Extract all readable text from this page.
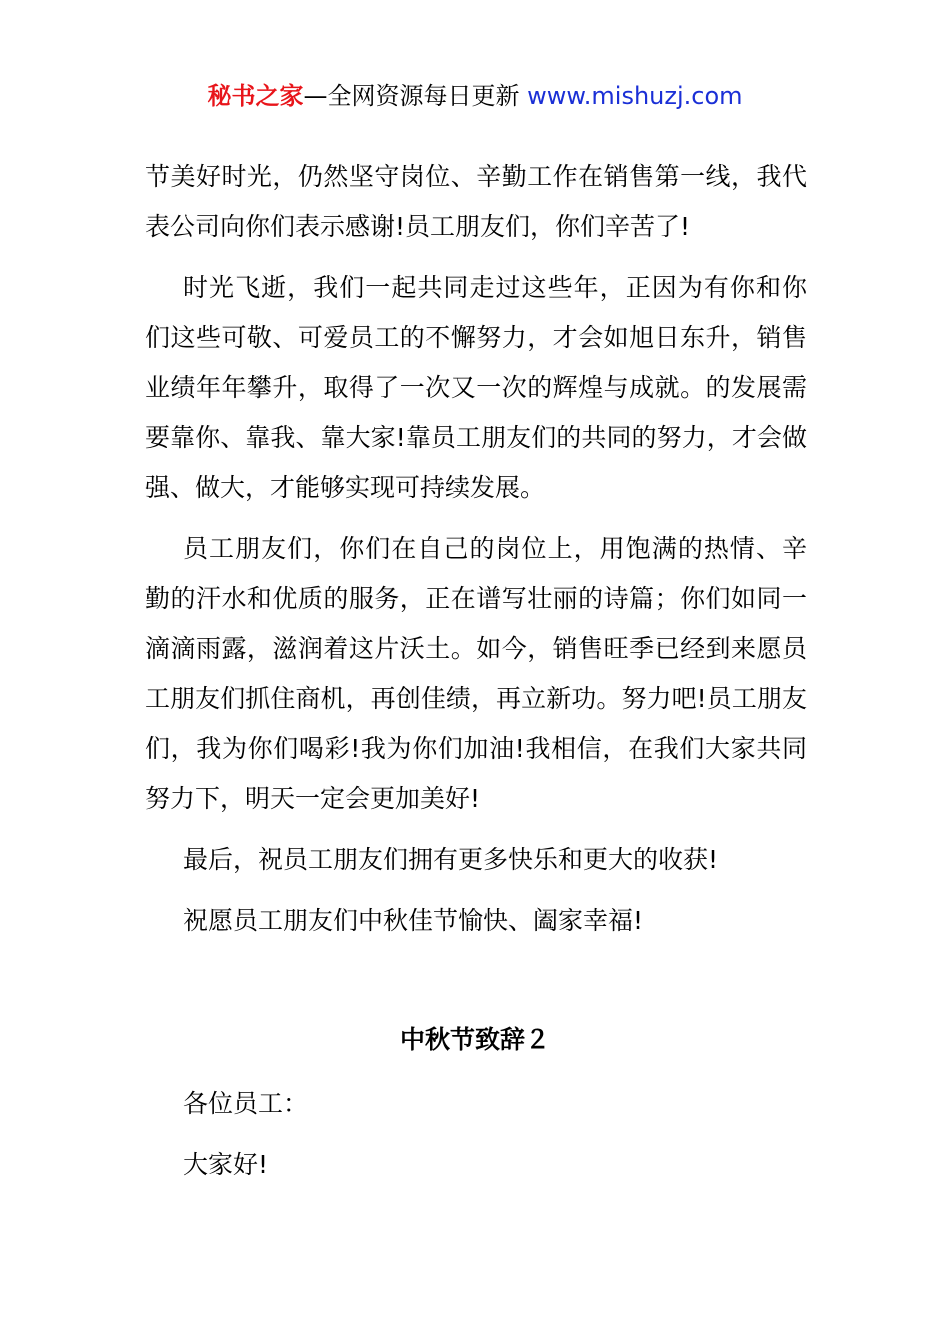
秘书之家—全网资源每日更新 www.mishuzj.com

节美好时光，仍然坚守岗位、辛勤工作在销售第一线，我代表公司向你们表示感谢!员工朋友们，你们辛苦了!

时光飞逝，我们一起共同走过这些年，正因为有你和你们这些可敬、可爱员工的不懈努力，才会如旭日东升，销售业绩年年攀升，取得了一次又一次的辉煌与成就。的发展需要靠你、靠我、靠大家!靠员工朋友们的共同的努力，才会做强、做大，才能够实现可持续发展。

员工朋友们，你们在自己的岗位上，用饱满的热情、辛勤的汗水和优质的服务，正在谱写壮丽的诗篇；你们如同一滴滴雨露，滋润着这片沃土。如今，销售旺季已经到来愿员工朋友们抓住商机，再创佳绩，再立新功。努力吧!员工朋友们，我为你们喝彩!我为你们加油!我相信，在我们大家共同努力下，明天一定会更加美好!

最后，祝员工朋友们拥有更多快乐和更大的收获!

祝愿员工朋友们中秋佳节愉快、阖家幸福!

中秋节致辞２
各位员工：
大家好!
